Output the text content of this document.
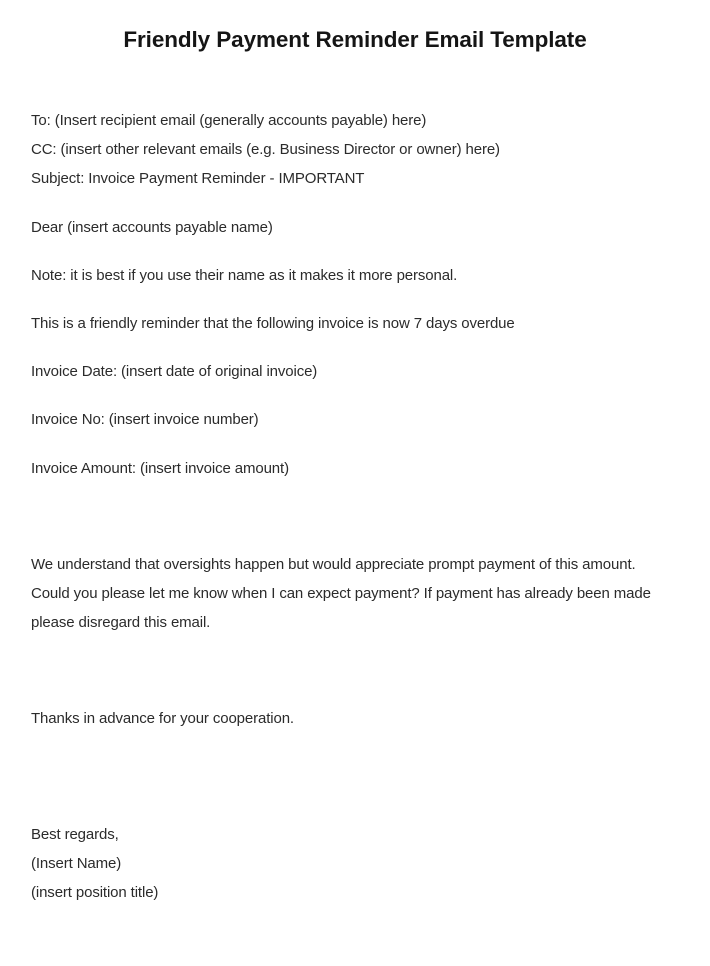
Friendly Payment Reminder Email Template
To: (Insert recipient email (generally accounts payable) here)
CC: (insert other relevant emails (e.g. Business Director or owner) here)
Subject: Invoice Payment Reminder - IMPORTANT
Dear (insert accounts payable name)
Note: it is best if you use their name as it makes it more personal.
This is a friendly reminder that the following invoice is now 7 days overdue
Invoice Date: (insert date of original invoice)
Invoice No: (insert invoice number)
Invoice Amount: (insert invoice amount)
We understand that oversights happen but would appreciate prompt payment of this amount.
Could you please let me know when I can expect payment? If payment has already been made
please disregard this email.
Thanks in advance for your cooperation.
Best regards,
(Insert Name)
(insert position title)
